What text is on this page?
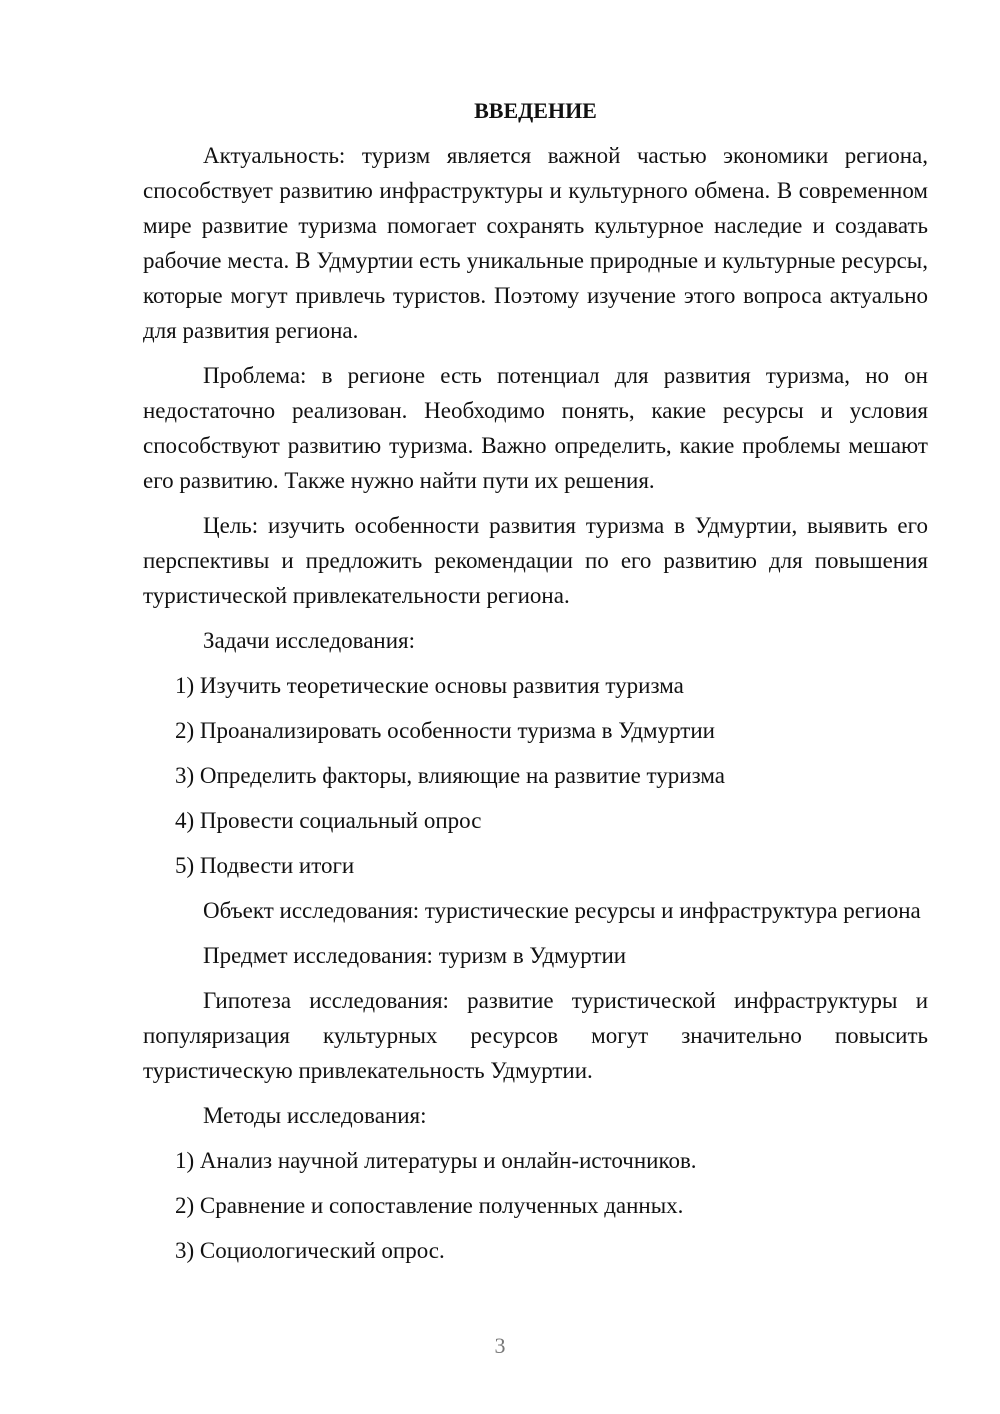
ВВЕДЕНИЕ

Актуальность: туризм является важной частью экономики региона, способствует развитию инфраструктуры и культурного обмена. В современном мире развитие туризма помогает сохранять культурное наследие и создавать рабочие места. В Удмуртии есть уникальные природные и культурные ресурсы, которые могут привлечь туристов. Поэтому изучение этого вопроса актуально для развития региона.

Проблема: в регионе есть потенциал для развития туризма, но он недостаточно реализован. Необходимо понять, какие ресурсы и условия способствуют развитию туризма. Важно определить, какие проблемы мешают его развитию. Также нужно найти пути их решения.

Цель: изучить особенности развития туризма в Удмуртии, выявить его перспективы и предложить рекомендации по его развитию для повышения туристической привлекательности региона.

Задачи исследования:

1) Изучить теоретические основы развития туризма
2) Проанализировать особенности туризма в Удмуртии
3) Определить факторы, влияющие на развитие туризма
4) Провести социальный опрос
5) Подвести итоги

Объект исследования: туристические ресурсы и инфраструктура региона

Предмет исследования: туризм в Удмуртии

Гипотеза исследования: развитие туристической инфраструктуры и популяризация культурных ресурсов могут значительно повысить туристическую привлекательность Удмуртии.

Методы исследования:

1) Анализ научной литературы и онлайн-источников.
2) Сравнение и сопоставление полученных данных.
3) Социологический опрос.
3
